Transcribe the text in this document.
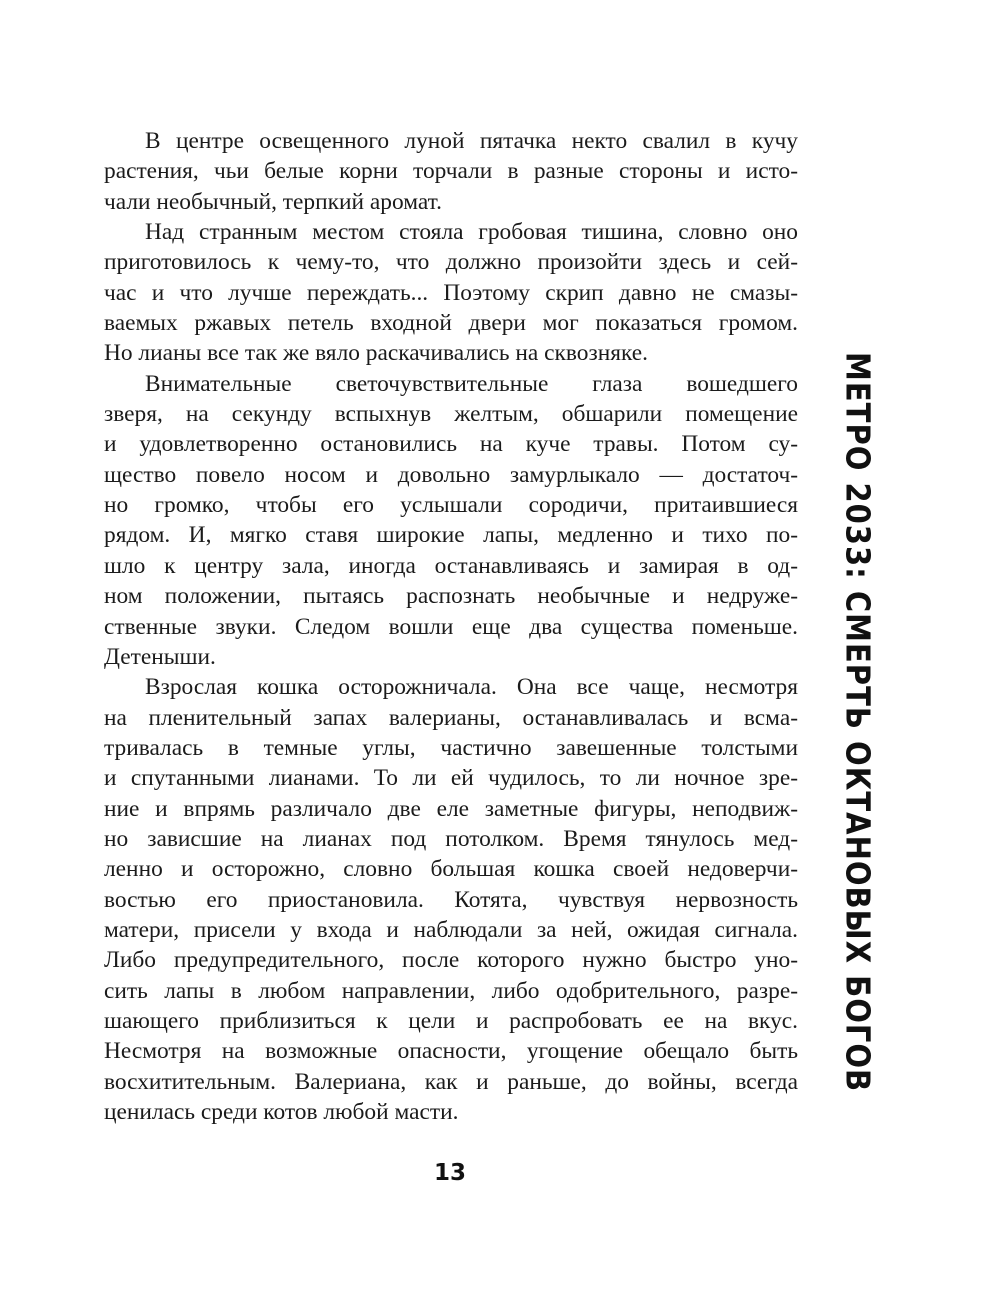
В центре освещенного луной пятачка некто свалил в кучу
растения, чьи белые корни торчали в разные стороны и исто-
чали необычный, терпкий аромат.
Над странным местом стояла гробовая тишина, словно оно
приготовилось к чему-то, что должно произойти здесь и сей-
час и что лучше переждать... Поэтому скрип давно не смазы-
ваемых ржавых петель входной двери мог показаться громом.
Но лианы все так же вяло раскачивались на сквозняке.
Внимательные светочувствительные глаза вошедшего
зверя, на секунду вспыхнув желтым, обшарили помещение
и удовлетворенно остановились на куче травы. Потом су-
щество повело носом и довольно замурлыкало — достаточ-
но громко, чтобы его услышали сородичи, притаившиеся
рядом. И, мягко ставя широкие лапы, медленно и тихо по-
шло к центру зала, иногда останавливаясь и замирая в од-
ном положении, пытаясь распознать необычные и недруже-
ственные звуки. Следом вошли еще два существа поменьше.
Детеныши.
Взрослая кошка осторожничала. Она все чаще, несмотря
на пленительный запах валерианы, останавливалась и всма-
тривалась в темные углы, частично завешенные толстыми
и спутанными лианами. То ли ей чудилось, то ли ночное зре-
ние и впрямь различало две еле заметные фигуры, неподвиж-
но зависшие на лианах под потолком. Время тянулось мед-
ленно и осторожно, словно большая кошка своей недоверчи-
востью его приостановила. Котята, чувствуя нервозность
матери, присели у входа и наблюдали за ней, ожидая сигнала.
Либо предупредительного, после которого нужно быстро уно-
сить лапы в любом направлении, либо одобрительного, разре-
шающего приблизиться к цели и распробовать ее на вкус.
Несмотря на возможные опасности, угощение обещало быть
восхитительным. Валериана, как и раньше, до войны, всегда
ценилась среди котов любой масти.
МЕТРО 2033: СМЕРТЬ ОКТАНОВЫХ БОГОВ
13
